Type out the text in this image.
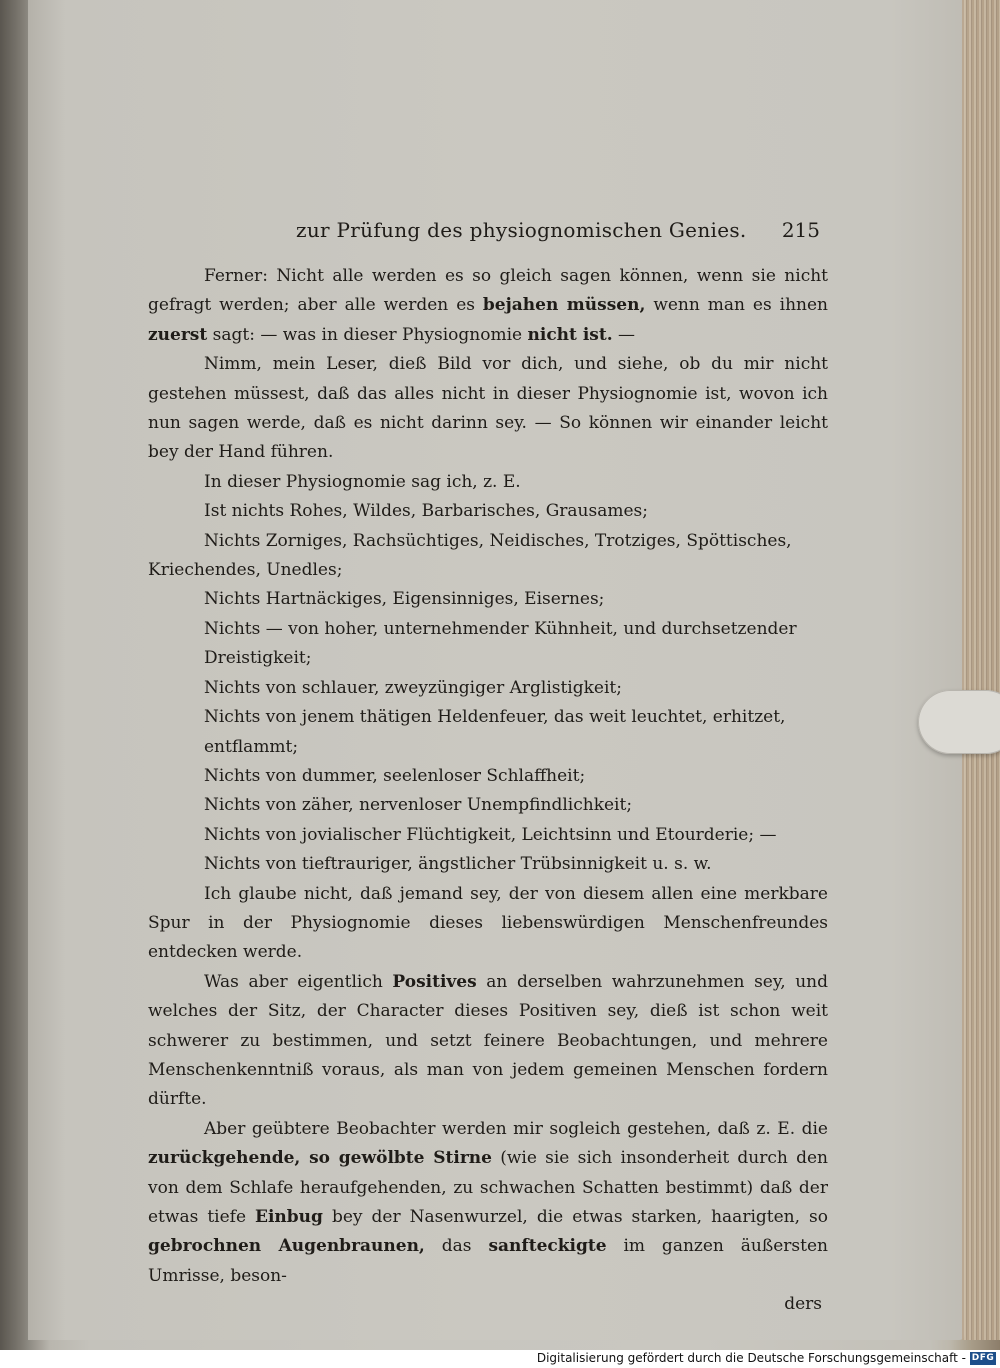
zur Prüfung des physiognomischen Genies. 215

Ferner: Nicht alle werden es so gleich sagen können, wenn sie nicht gefragt werden; aber alle werden es bejahen müssen, wenn man es ihnen zuerst sagt: — was in dieser Physiognomie nicht ist. —

Nimm, mein Leser, dieß Bild vor dich, und siehe, ob du mir nicht gestehen müssest, daß das alles nicht in dieser Physiognomie ist, wovon ich nun sagen werde, daß es nicht darinn sey. — So können wir einander leicht bey der Hand führen.

In dieser Physiognomie sag ich, z. E.

Ist nichts Rohes, Wildes, Barbarisches, Grausames;

Nichts Zorniges, Rachsüchtiges, Neidisches, Trotziges, Spöttisches, Kriechendes, Unedles;

Nichts Hartnäckiges, Eigensinniges, Eisernes;

Nichts — von hoher, unternehmender Kühnheit, und durchsetzender Dreistigkeit;

Nichts von schlauer, zweyzüngiger Arglistigkeit;

Nichts von jenem thätigen Heldenfeuer, das weit leuchtet, erhitzet, entflammt;

Nichts von dummer, seelenloser Schlaffheit;

Nichts von zäher, nervenloser Unempfindlichkeit;

Nichts von jovialischer Flüchtigkeit, Leichtsinn und Etourderie; —

Nichts von tieftrauriger, ängstlicher Trübsinnigkeit u. s. w.

Ich glaube nicht, daß jemand sey, der von diesem allen eine merkbare Spur in der Physiognomie dieses liebenswürdigen Menschenfreundes entdecken werde.

Was aber eigentlich Positives an derselben wahrzunehmen sey, und welches der Sitz, der Character dieses Positiven sey, dieß ist schon weit schwerer zu bestimmen, und setzt feinere Beobachtungen, und mehrere Menschenkenntniß voraus, als man von jedem gemeinen Menschen fordern dürfte.

Aber geübtere Beobachter werden mir sogleich gestehen, daß z. E. die zurückgehende, so gewölbte Stirne (wie sie sich insonderheit durch den von dem Schlafe heraufgehenden, zu schwachen Schatten bestimmt) daß der etwas tiefe Einbug bey der Nasenwurzel, die etwas starken, haarigten, so gebrochnen Augenbraunen, das sanfteckigte im ganzen äußersten Umrisse, beson-

ders

Digitalisierung gefördert durch die Deutsche Forschungsgemeinschaft - DFG
